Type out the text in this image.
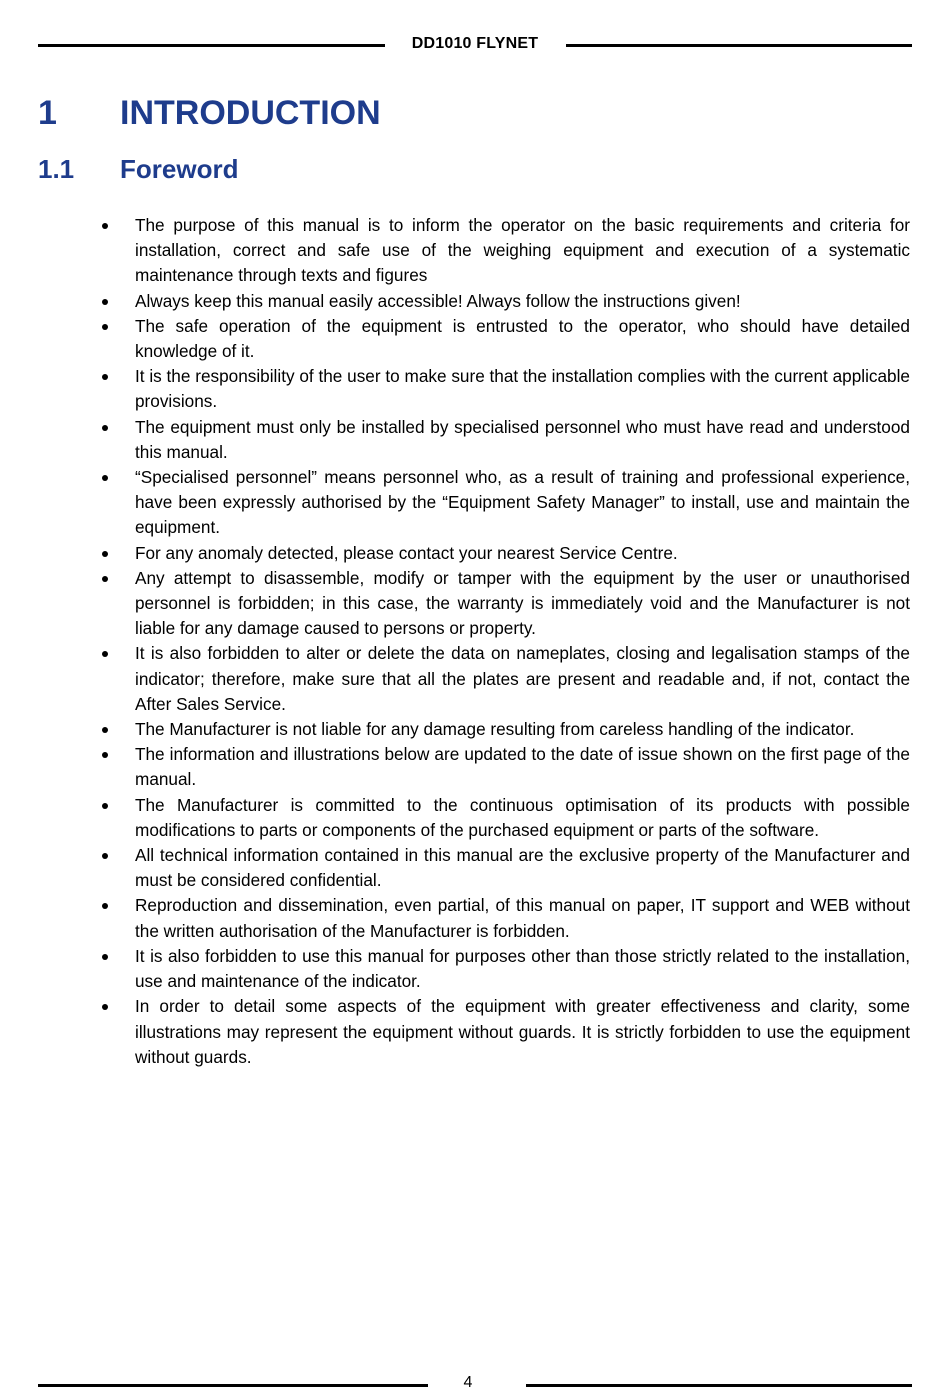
DD1010 FLYNET
1 INTRODUCTION
1.1 Foreword
The purpose of this manual is to inform the operator on the basic requirements and criteria for installation, correct and safe use of the weighing equipment and execution of a systematic maintenance through texts and figures
Always keep this manual easily accessible! Always follow the instructions given!
The safe operation of the equipment is entrusted to the operator, who should have detailed knowledge of it.
It is the responsibility of the user to make sure that the installation complies with the current applicable provisions.
The equipment must only be installed by specialised personnel who must have read and understood this manual.
“Specialised personnel” means personnel who, as a result of training and professional experience, have been expressly authorised by the “Equipment Safety Manager” to install, use and maintain the equipment.
For any anomaly detected, please contact your nearest Service Centre.
Any attempt to disassemble, modify or tamper with the equipment by the user or unauthorised personnel is forbidden; in this case, the warranty is immediately void and the Manufacturer is not liable for any damage caused to persons or property.
It is also forbidden to alter or delete the data on nameplates, closing and legalisation stamps of the indicator; therefore, make sure that all the plates are present and readable and, if not, contact the After Sales Service.
The Manufacturer is not liable for any damage resulting from careless handling of the indicator.
The information and illustrations below are updated to the date of issue shown on the first page of the manual.
The Manufacturer is committed to the continuous optimisation of its products with possible modifications to parts or components of the purchased equipment or parts of the software.
All technical information contained in this manual are the exclusive property of the Manufacturer and must be considered confidential.
Reproduction and dissemination, even partial, of this manual on paper, IT support and WEB without the written authorisation of the Manufacturer is forbidden.
It is also forbidden to use this manual for purposes other than those strictly related to the installation, use and maintenance of the indicator.
In order to detail some aspects of the equipment with greater effectiveness and clarity, some illustrations may represent the equipment without guards. It is strictly forbidden to use the equipment without guards.
4
